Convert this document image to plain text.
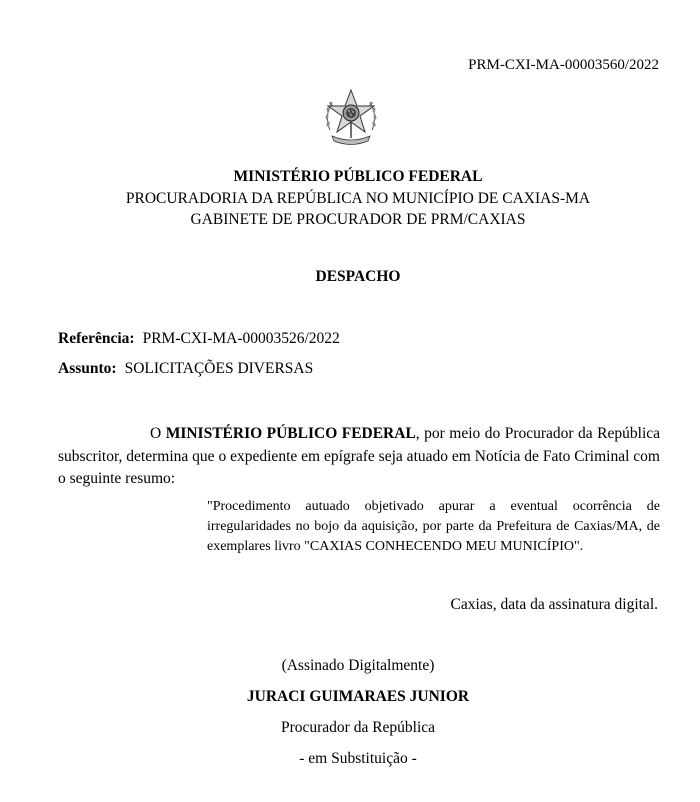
PRM-CXI-MA-00003560/2022
MINISTÉRIO PÚBLICO FEDERAL
PROCURADORIA DA REPÚBLICA NO MUNICÍPIO DE CAXIAS-MA
GABINETE DE PROCURADOR DE PRM/CAXIAS
DESPACHO
Referência: PRM-CXI-MA-00003526/2022
Assunto: SOLICITAÇÕES DIVERSAS
O MINISTÉRIO PÚBLICO FEDERAL, por meio do Procurador da República subscritor, determina que o expediente em epígrafe seja atuado em Notícia de Fato Criminal com o seguinte resumo:
"Procedimento autuado objetivado apurar a eventual ocorrência de irregularidades no bojo da aquisição, por parte da Prefeitura de Caxias/MA, de exemplares livro "CAXIAS CONHECENDO MEU MUNICÍPIO".
Caxias, data da assinatura digital.
(Assinado Digitalmente)
JURACI GUIMARAES JUNIOR
Procurador da República
- em Substituição -
